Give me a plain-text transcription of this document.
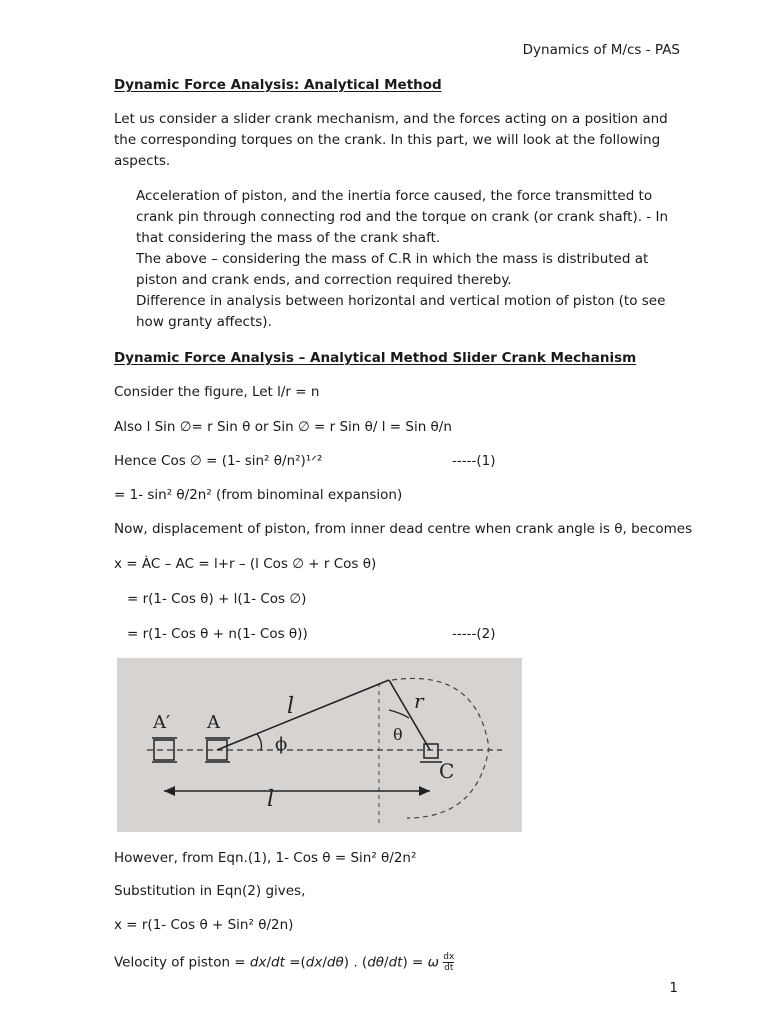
Dynamics of M/cs - PAS
Dynamic Force Analysis: Analytical Method
Let us consider a slider crank mechanism, and the forces acting on a position and the corresponding torques on the crank. In this part, we will look at the following aspects.
Acceleration of piston, and the inertia force caused, the force transmitted to crank pin through connecting rod and the torque on crank (or crank shaft). - In that considering the mass of the crank shaft.
The above – considering the mass of C.R in which the mass is distributed at piston and crank ends, and correction required thereby.
Difference in analysis between horizontal and vertical motion of piston (to see how granty affects).
Dynamic Force Analysis – Analytical Method Slider Crank Mechanism
Consider the figure, Let l/r = n
Also l Sin ∅= r Sin θ or Sin ∅ = r Sin θ/ l = Sin θ/n
Hence Cos ∅ = (1- sin² θ/n²)¹ᐟ²	-----(1)
= 1- sin² θ/2n² (from binominal expansion)
Now, displacement of piston, from inner dead centre when crank angle is θ, becomes
x = ÀC – AC = l+r – (l Cos ∅ + r Cos θ)
= r(1- Cos θ) + l(1- Cos ∅)
= r(1- Cos θ + n(1- Cos θ))	-----(2)
A′ A
l
ϕ	θ
r
C
l
However, from Eqn.(1), 1- Cos θ = Sin² θ/2n²
Substitution in Eqn(2) gives,
x = r(1- Cos θ + Sin² θ/2n)
Velocity of piston = dx/dt =(dx/dθ) . (dθ/dt) = ω $\frac{dx}{dt}$
1
